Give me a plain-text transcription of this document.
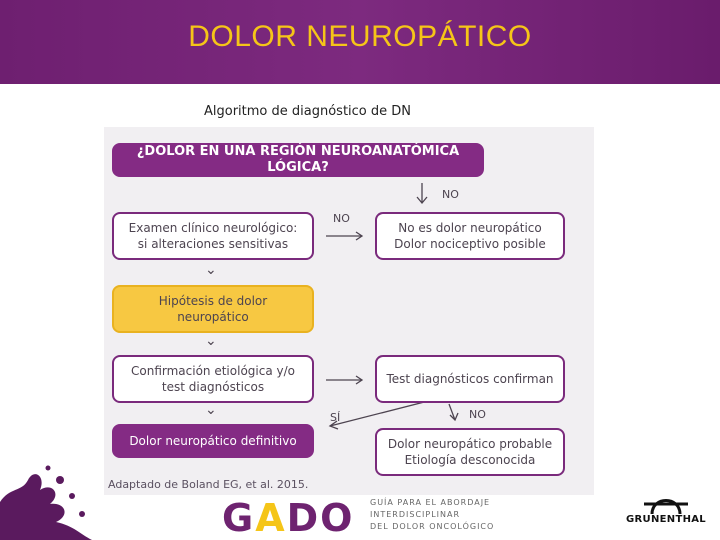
DOLOR NEUROPÁTICO
Algoritmo de diagnóstico de DN
¿DOLOR EN UNA REGIÓN NEUROANATÓMICA LÓGICA?
Examen clínico neurológico:
si alteraciones sensitivas
No es dolor neuropático
Dolor nociceptivo posible
Hipótesis de dolor
neuropático
Confirmación etiológica y/o
test diagnósticos
Test diagnósticos confirman
Dolor neuropático definitivo	Dolor neuropático probable
Etiología desconocida
NO
NO
NO
SÍ
⌄
⌄
⌄
Adaptado de Boland EG, et al. 2015.
GADO GUÍA PARA EL ABORDAJE
INTERDISCIPLINAR
DEL DOLOR ONCOLÓGICO
GRUNENTHAL
